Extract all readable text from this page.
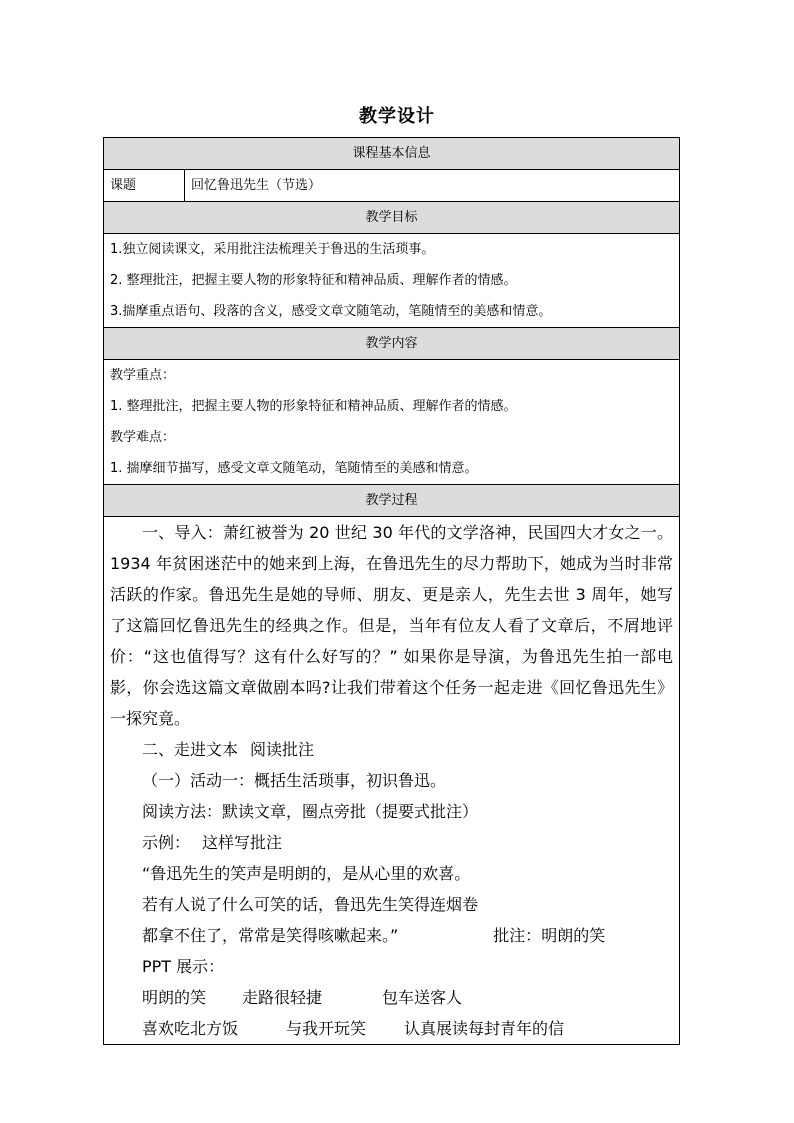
教学设计
课程基本信息
课题	回忆鲁迅先生（节选）
教学目标

1.独立阅读课文，采用批注法梳理关于鲁迅的生活琐事。
2. 整理批注，把握主要人物的形象特征和精神品质、理解作者的情感。
3.揣摩重点语句、段落的含义，感受文章文随笔动，笔随情至的美感和情意。

教学内容

教学重点：
1. 整理批注，把握主要人物的形象特征和精神品质、理解作者的情感。
教学难点：
1. 揣摩细节描写，感受文章文随笔动，笔随情至的美感和情意。

教学过程

一、导入：萧红被誉为 20 世纪 30 年代的文学洛神，民国四大才女之一。1934 年贫困迷茫中的她来到上海，在鲁迅先生的尽力帮助下，她成为当时非常活跃的作家。鲁迅先生是她的导师、朋友、更是亲人，先生去世 3 周年，她写了这篇回忆鲁迅先生的经典之作。但是，当年有位友人看了文章后，不屑地评价：“这也值得写？这有什么好写的？” 如果你是导演，为鲁迅先生拍一部电影，你会选这篇文章做剧本吗?让我们带着这个任务一起走进《回忆鲁迅先生》一探究竟。

二、走进文本 阅读批注
（一）活动一：概括生活琐事，初识鲁迅。
阅读方法：默读文章，圈点旁批（提要式批注）
示例： 这样写批注
“鲁迅先生的笑声是明朗的，是从心里的欢喜。
若有人说了什么可笑的话，鲁迅先生笑得连烟卷
都拿不住了，常常是笑得咳嗽起来。”	批注：明朗的笑
PPT 展示：
明朗的笑 走路很轻捷	包车送客人
喜欢吃北方饭	与我开玩笑 认真展读每封青年的信
